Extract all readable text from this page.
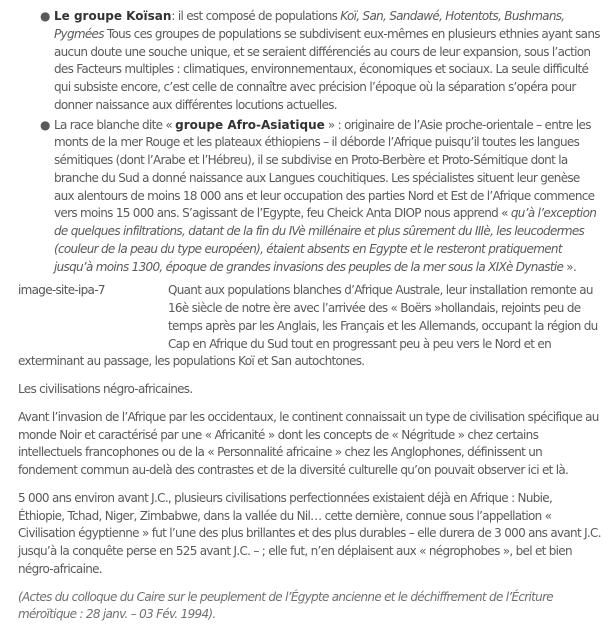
● Le groupe Koïsan: il est composé de populations Koï, San, Sandawé, Hotentots, Bushmans, Pygmées Tous ces groupes de populations se subdivisent eux-mêmes en plusieurs ethnies ayant sans aucun doute une souche unique, et se seraient différenciés au cours de leur expansion, sous l’action des Facteurs multiples : climatiques, environnementaux, économiques et sociaux. La seule difficulté qui subsiste encore, c’est celle de connaître avec précision l’époque où la séparation s’opéra pour donner naissance aux différentes locutions actuelles.
● La race blanche dite « groupe Afro-Asiatique » : originaire de l’Asie proche-orientale – entre les monts de la mer Rouge et les plateaux éthiopiens – il déborde l’Afrique puisqu’il toutes les langues sémitiques (dont l’Arabe et l’Hébreu), il se subdivise en Proto-Berbère et Proto-Sémitique dont la branche du Sud a donné naissance aux Langues couchitiques. Les spécialistes situent leur genèse aux alentours de moins 18 000 ans et leur occupation des parties Nord et Est de l’Afrique commence vers moins 15 000 ans. S’agissant de l’Egypte, feu Cheick Anta DIOP nous apprend « qu’à l’exception de quelques infiltrations, datant de la fin du IVè millénaire et plus sûrement du IIIè, les leucodermes (couleur de la peau du type européen), étaient absents en Egypte et le resteront pratiquement jusqu’à moins 1300, époque de grandes invasions des peuples de la mer sous la XIXè Dynastie ».
image-site-ipa-7	Quant aux populations blanches d’Afrique Australe, leur installation remonte au 16è siècle de notre ère avec l’arrivée des « Boërs »hollandais, rejoints peu de temps après par les Anglais, les Français et les Allemands, occupant la région du Cap en Afrique du Sud tout en progressant peu à peu vers le Nord et en exterminant au passage, les populations Koï et San autochtones.

Les civilisations négro-africaines.

Avant l’invasion de l’Afrique par les occidentaux, le continent connaissait un type de civilisation spécifique au monde Noir et caractérisé par une « Africanité » dont les concepts de « Négritude » chez certains intellectuels francophones ou de la « Personnalité africaine » chez les Anglophones, définissent un fondement commun au-delà des contrastes et de la diversité culturelle qu’on pouvait observer ici et là.

5 000 ans environ avant J.C., plusieurs civilisations perfectionnées existaient déjà en Afrique : Nubie, Éthiopie, Tchad, Niger, Zimbabwe, dans la vallée du Nil… cette dernière, connue sous l’appellation « Civilisation égyptienne » fut l’une des plus brillantes et des plus durables – elle durera de 3 000 ans avant J.C. jusqu’à la conquête perse en 525 avant J.C. – ; elle fut, n’en déplaisent aux « négrophobes », bel et bien négro-africaine.

(Actes du colloque du Caire sur le peuplement de l’Égypte ancienne et le déchiffrement de l’Écriture méroïtique : 28 janv. – 03 Fév. 1994).
